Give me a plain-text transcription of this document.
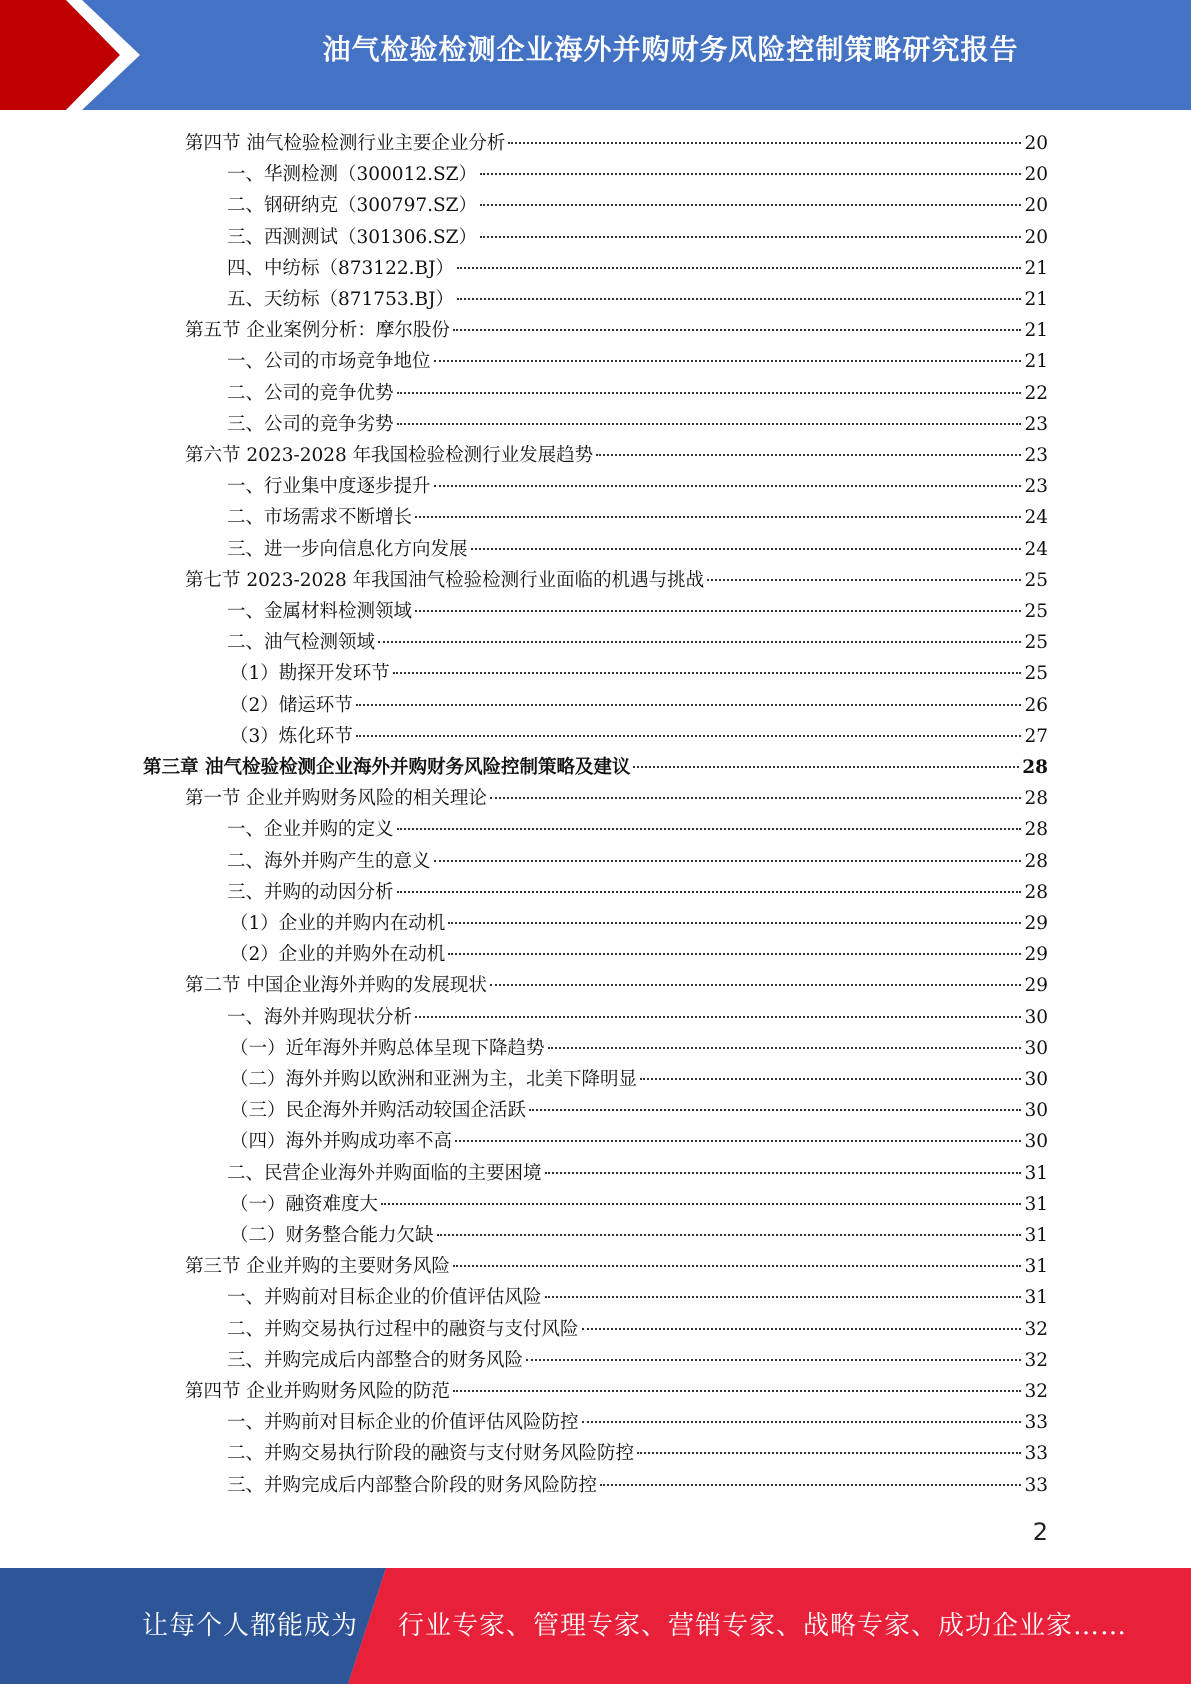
油气检验检测企业海外并购财务风险控制策略研究报告
第四节 油气检验检测行业主要企业分析	20
一、华测检测（300012.SZ）	20
二、钢研纳克（300797.SZ）	20
三、西测测试（301306.SZ）	20
四、中纺标（873122.BJ）	21
五、天纺标（871753.BJ）	21
第五节 企业案例分析：摩尔股份	21
一、公司的市场竞争地位	21
二、公司的竞争优势	22
三、公司的竞争劣势	23
第六节 2023-2028 年我国检验检测行业发展趋势	23
一、行业集中度逐步提升	23
二、市场需求不断增长	24
三、进一步向信息化方向发展	24
第七节 2023-2028 年我国油气检验检测行业面临的机遇与挑战	25
一、金属材料检测领域	25
二、油气检测领域	25
（1）勘探开发环节	25
（2）储运环节	26
（3）炼化环节	27
第三章 油气检验检测企业海外并购财务风险控制策略及建议	28
第一节 企业并购财务风险的相关理论	28
一、企业并购的定义	28
二、海外并购产生的意义	28
三、并购的动因分析	28
（1）企业的并购内在动机	29
（2）企业的并购外在动机	29
第二节 中国企业海外并购的发展现状	29
一、海外并购现状分析	30
（一）近年海外并购总体呈现下降趋势	30
（二）海外并购以欧洲和亚洲为主，北美下降明显	30
（三）民企海外并购活动较国企活跃	30
（四）海外并购成功率不高	30
二、民营企业海外并购面临的主要困境	31
（一）融资难度大	31
（二）财务整合能力欠缺	31
第三节 企业并购的主要财务风险	31
一、并购前对目标企业的价值评估风险	31
二、并购交易执行过程中的融资与支付风险	32
三、并购完成后内部整合的财务风险	32
第四节 企业并购财务风险的防范	32
一、并购前对目标企业的价值评估风险防控	33
二、并购交易执行阶段的融资与支付财务风险防控	33
三、并购完成后内部整合阶段的财务风险防控	33
2
让每个人都能成为 行业专家、管理专家、营销专家、战略专家、成功企业家……
